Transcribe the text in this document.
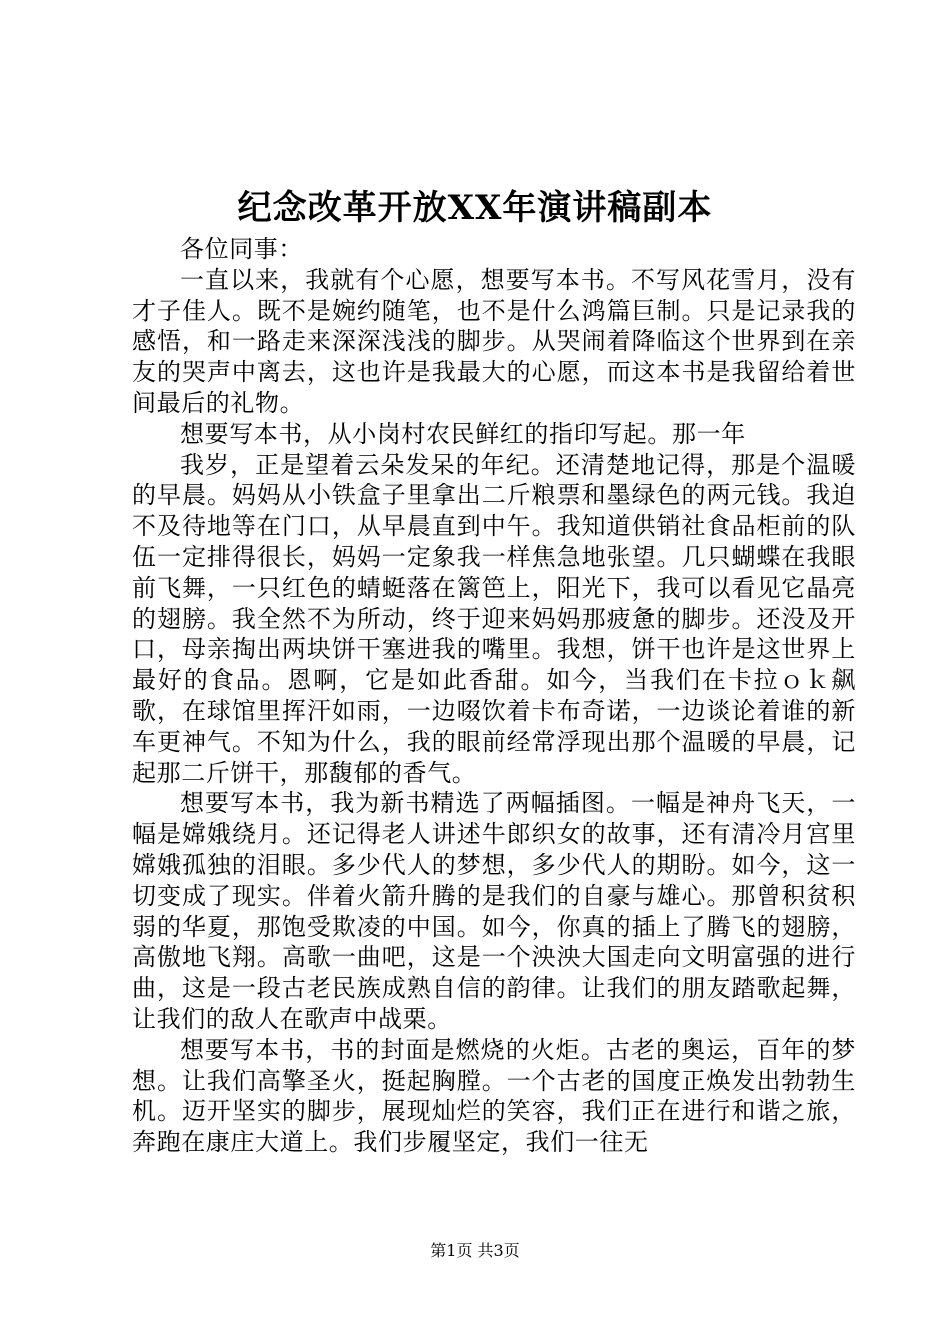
纪念改革开放XX年演讲稿副本

各位同事：

一直以来，我就有个心愿，想要写本书。不写风花雪月，没有才子佳人。既不是婉约随笔，也不是什么鸿篇巨制。只是记录我的感悟，和一路走来深深浅浅的脚步。从哭闹着降临这个世界到在亲友的哭声中离去，这也许是我最大的心愿，而这本书是我留给着世间最后的礼物。

想要写本书，从小岗村农民鲜红的指印写起。那一年

我岁，正是望着云朵发呆的年纪。还清楚地记得，那是个温暖的早晨。妈妈从小铁盒子里拿出二斤粮票和墨绿色的两元钱。我迫不及待地等在门口，从早晨直到中午。我知道供销社食品柜前的队伍一定排得很长，妈妈一定象我一样焦急地张望。几只蝴蝶在我眼前飞舞，一只红色的蜻蜓落在篱笆上，阳光下，我可以看见它晶亮的翅膀。我全然不为所动，终于迎来妈妈那疲惫的脚步。还没及开口，母亲掏出两块饼干塞进我的嘴里。我想，饼干也许是这世界上最好的食品。恩啊，它是如此香甜。如今，当我们在卡拉ｏｋ飙歌，在球馆里挥汗如雨，一边啜饮着卡布奇诺，一边谈论着谁的新车更神气。不知为什么，我的眼前经常浮现出那个温暖的早晨，记起那二斤饼干，那馥郁的香气。

想要写本书，我为新书精选了两幅插图。一幅是神舟飞天，一幅是嫦娥绕月。还记得老人讲述牛郎织女的故事，还有清冷月宫里嫦娥孤独的泪眼。多少代人的梦想，多少代人的期盼。如今，这一切变成了现实。伴着火箭升腾的是我们的自豪与雄心。那曾积贫积弱的华夏，那饱受欺凌的中国。如今，你真的插上了腾飞的翅膀，高傲地飞翔。高歌一曲吧，这是一个泱泱大国走向文明富强的进行曲，这是一段古老民族成熟自信的韵律。让我们的朋友踏歌起舞，让我们的敌人在歌声中战栗。

想要写本书，书的封面是燃烧的火炬。古老的奥运，百年的梦想。让我们高擎圣火，挺起胸膛。一个古老的国度正焕发出勃勃生机。迈开坚实的脚步，展现灿烂的笑容，我们正在进行和谐之旅，奔跑在康庄大道上。我们步履坚定，我们一往无

第1页 共3页
